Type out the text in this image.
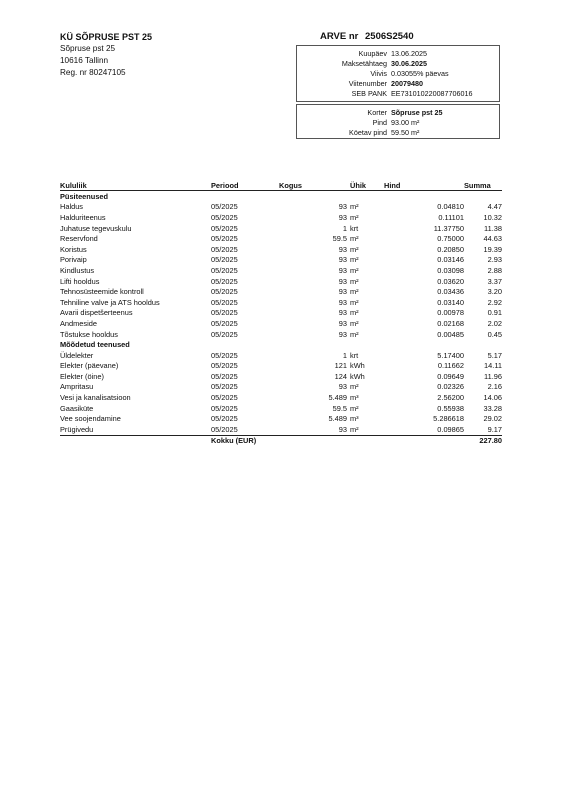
KÜ SÕPRUSE PST 25
Sõpruse pst 25
10616 Tallinn
Reg. nr 80247105
ARVE nr 2506S2540
Kuupäev 13.06.2025
Maksetähtaeg 30.06.2025
Viivis 0.03055% päevas
Viitenumber 20079480
SEB PANK EE731010220087706016
Korter Sõpruse pst 25
Pind 93.00 m²
Köetav pind 59.50 m²
Kululiik	Periood	Kogus	Ühik	Hind	Summa
Püsiteenused					
Haldus	05/2025	93	m²	0.04810	4.47
Halduriteenus	05/2025	93	m²	0.11101	10.32
Juhatuse tegevuskulu	05/2025	1	krt	11.37750	11.38
Reservfond	05/2025	59.5	m²	0.75000	44.63
Koristus	05/2025	93	m²	0.20850	19.39
Porivaip	05/2025	93	m²	0.03146	2.93
Kindlustus	05/2025	93	m²	0.03098	2.88
Lifti hooldus	05/2025	93	m²	0.03620	3.37
Tehnosüsteemide kontroll	05/2025	93	m²	0.03436	3.20
Tehniline valve ja ATS hooldus	05/2025	93	m²	0.03140	2.92
Avarii dispetšerteenus	05/2025	93	m²	0.00978	0.91
Andmeside	05/2025	93	m²	0.02168	2.02
Tõstukse hooldus	05/2025	93	m²	0.00485	0.45
Mõõdetud teenused					
Üldelekter	05/2025	1	krt	5.17400	5.17
Elekter (päevane)	05/2025	121	kWh	0.11662	14.11
Elekter (öine)	05/2025	124	kWh	0.09649	11.96
Ampritasu	05/2025	93	m²	0.02326	2.16
Vesi ja kanalisatsioon	05/2025	5.489	m³	2.56200	14.06
Gaasiküte	05/2025	59.5	m²	0.55938	33.28
Vee soojendamine	05/2025	5.489	m³	5.286618	29.02
Prügivedu	05/2025	93	m²	0.09865	9.17
	Kokku (EUR)				227.80
